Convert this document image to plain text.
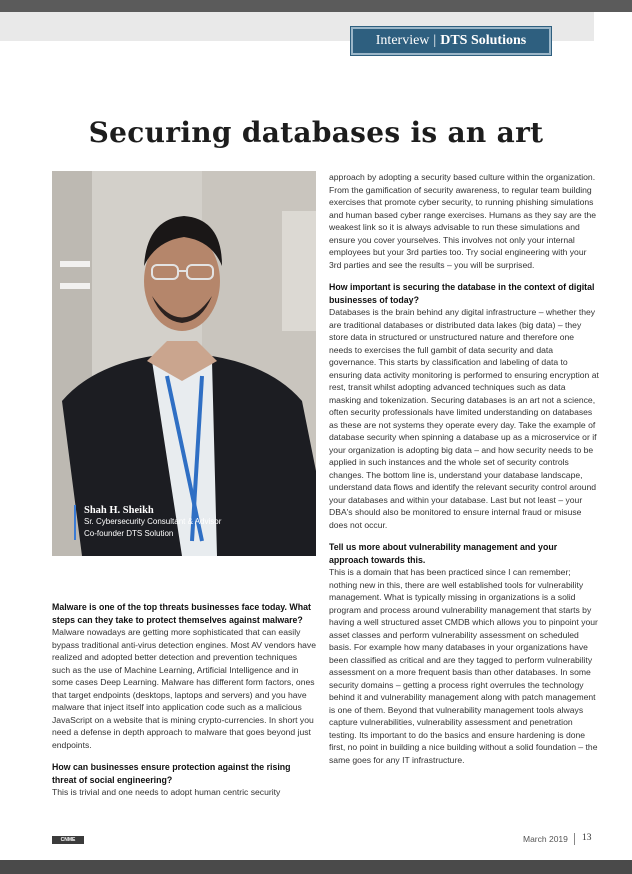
Interview | DTS Solutions
Securing databases is an art
Shah H. Sheikh
Sr. Cybersecurity Consultant & Advisor
Co-founder DTS Solution
Malware is one of the top threats businesses face today. What steps can they take to protect themselves against malware?

Malware nowadays are getting more sophisticated that can easily bypass traditional anti-virus detection engines. Most AV vendors have realized and adopted better detection and prevention techniques such as the use of Machine Learning, Artificial Intelligence and in some cases Deep Learning. Malware has different form factors, ones that target endpoints (desktops, laptops and servers) and you have malware that inject itself into application code such as a malicious JavaScript on a website that is mining crypto-currencies. In short you need a defense in depth approach to malware that goes beyond just endpoints.

How can businesses ensure protection against the rising threat of social engineering?

This is trivial and one needs to adopt human centric security

approach by adopting a security based culture within the organization. From the gamification of security awareness, to regular team building exercises that promote cyber security, to running phishing simulations and human based cyber range exercises. Humans as they say are the weakest link so it is always advisable to run these simulations and ensure you cover yourselves. This involves not only your internal employees but your 3rd parties too. Try social engineering with your 3rd parties and see the results – you will be surprised.

How important is securing the database in the context of digital businesses of today?

Databases is the brain behind any digital infrastructure – whether they are traditional databases or distributed data lakes (big data) – they store data in structured or unstructured nature and therefore one needs to exercises the full gambit of data security and data governance. This starts by classification and labeling of data to ensuring data activity monitoring is performed to ensuring encryption at rest, transit whilst adopting advanced techniques such as data masking and tokenization. Securing databases is an art not a science, often security professionals have limited understanding on databases as these are not systems they operate every day. Take the example of database security when spinning a database up as a microservice or if your organization is adopting big data – and how security needs to be applied in such instances and the whole set of security controls changes. The bottom line is, understand your database landscape, understand data flows and identify the relevant security control around your databases and within your database. Last but not least – your DBA's should also be monitored to ensure internal fraud or misuse does not occur.

Tell us more about vulnerability management and your approach towards this.

This is a domain that has been practiced since I can remember; nothing new in this, there are well established tools for vulnerability management. What is typically missing in organizations is a solid program and process around vulnerability management that starts by having a well structured asset CMDB which allows you to pinpoint your asset classes and perform vulnerability assessment on scheduled basis. For example how many databases in your organizations have been classified as critical and are they tagged to perform vulnerability assessment on a more frequent basis than other databases. In some security domains – getting a process right overrules the technology behind it and vulnerability management along with patch management is one of them. Beyond that vulnerability management tools always capture vulnerabilities, vulnerability assessment and penetration testing. Its important to do the basics and ensure hardening is done first, no point in building a nice building without a solid foundation – the same goes for any IT infrastructure.

CNME	March 2019 13
